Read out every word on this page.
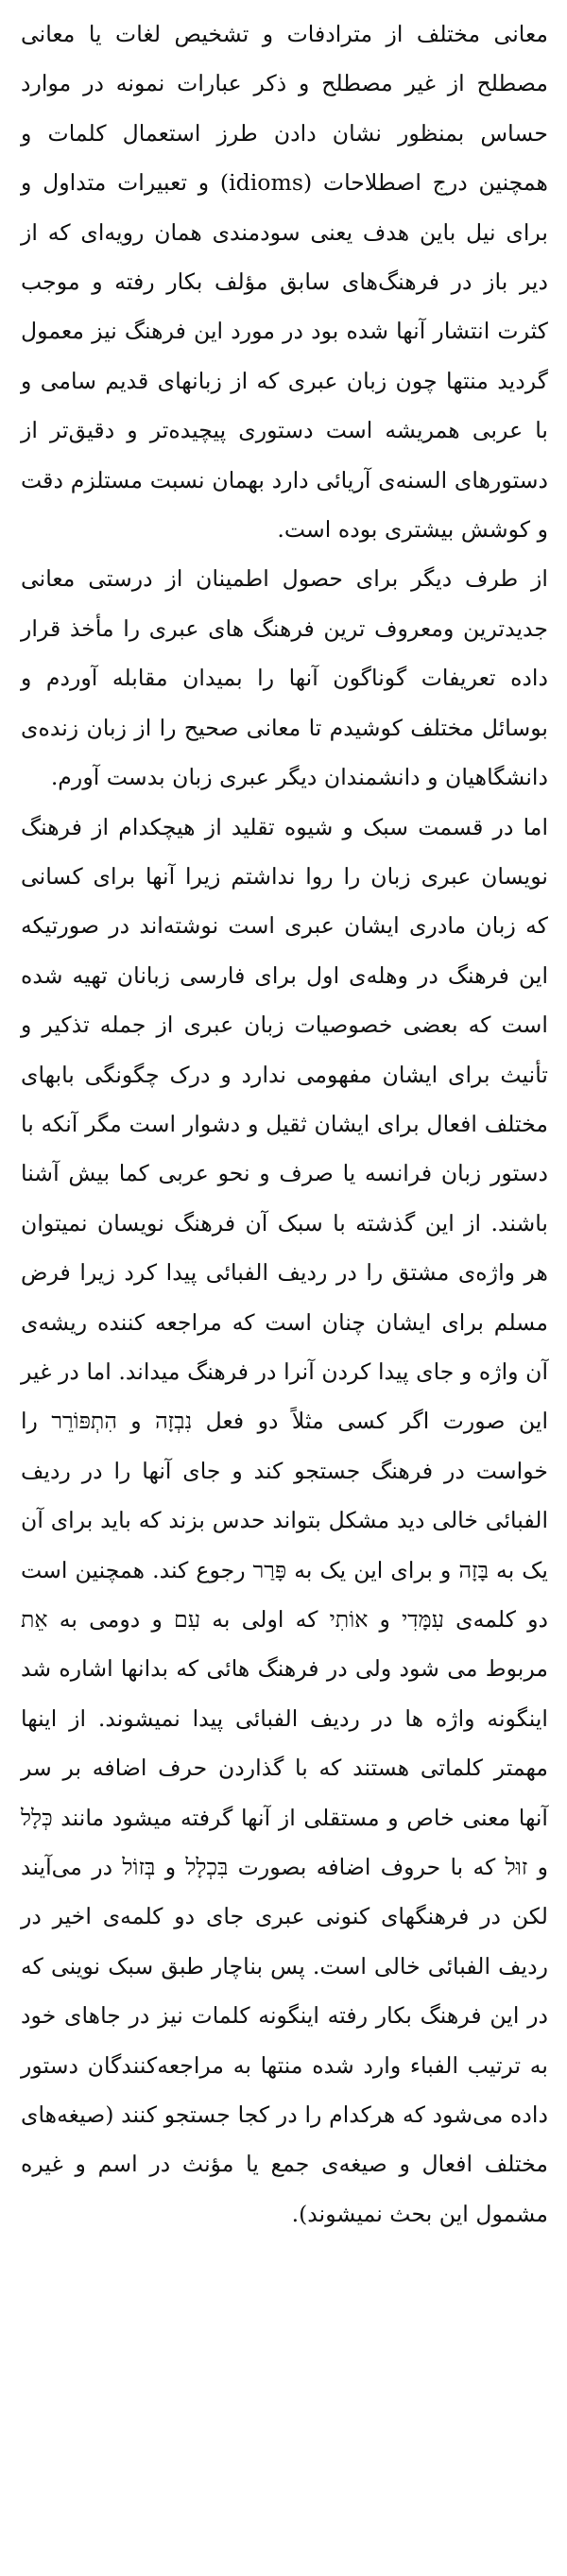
معانی مختلف از مترادفات و تشخیص لغات یا معانی مصطلح از غیر مصطلح و ذکر عبارات نمونه در موارد حساس بمنظور نشان دادن طرز استعمال کلمات و همچنین درج اصطلاحات (idioms) و تعبیرات متداول و برای نیل باین هدف یعنی سودمندی همان رویه‌ای که از دیر باز در فرهنگ‌های سابق مؤلف بکار رفته و موجب کثرت انتشار آنها شده بود در مورد این فرهنگ نیز معمول گردید منتها چون زبان عبری که از زبانهای قدیم سامی و با عربی همریشه است دستوری پیچیده‌تر و دقیق‌تر از دستورهای السنه‌ی آریائی دارد بهمان نسبت مستلزم دقت و کوشش بیشتری بوده است.

از طرف دیگر برای حصول اطمینان از درستی معانی جدیدترین ومعروف ترین فرهنگ های عبری را مأخذ قرار داده تعریفات گوناگون آنها را بمیدان مقابله آوردم و بوسائل مختلف کوشیدم تا معانی صحیح را از زبان زنده‌ی دانشگاهیان و دانشمندان دیگر عبری زبان بدست آورم.

اما در قسمت سبک و شیوه تقلید از هیچکدام از فرهنگ نویسان عبری زبان را روا نداشتم زیرا آنها برای کسانی که زبان مادری ایشان عبری است نوشته‌اند در صورتیکه این فرهنگ در وهله‌ی اول برای فارسی زبانان تهیه شده است که بعضی خصوصیات زبان عبری از جمله تذکیر و تأنیث برای ایشان مفهومی ندارد و درک چگونگی بابهای مختلف افعال برای ایشان ثقیل و دشوار است مگر آنکه با دستور زبان فرانسه یا صرف و نحو عربی کما بیش آشنا باشند. از این گذشته با سبک آن فرهنگ نویسان نمیتوان هر واژه‌ی مشتق را در ردیف الفبائی پیدا کرد زیرا فرض مسلم برای ایشان چنان است که مراجعه کننده ریشه‌ی آن واژه و جای پیدا کردن آنرا در فرهنگ میداند. اما در غیر این صورت اگر کسی مثلاً دو فعل נִבְזָה و הִתְפּוֹרֵר را خواست در فرهنگ جستجو کند و جای آنها را در ردیف الفبائی خالی دید مشکل بتواند حدس بزند که باید برای آن یک به בָּזָה و برای این یک به פָּרַר رجوع کند. همچنین است دو کلمه‌ی עִמָּדִי و אוֹתִי که اولی به עִם و دومی به אֵת مربوط می شود ولی در فرهنگ هائی که بدانها اشاره شد اینگونه واژه ها در ردیف الفبائی پیدا نمیشوند. از اینها مهمتر کلماتی هستند که با گذاردن حرف اضافه بر سر آنها معنی خاص و مستقلی از آنها گرفته میشود مانند כְּלָל و זוּל که با حروف اضافه بصورت בִּכְלָל و בְּזוֹל در می‌آیند لکن در فرهنگهای کنونی عبری جای دو کلمه‌ی اخیر در ردیف الفبائی خالی است. پس بناچار طبق سبک نوینی که در این فرهنگ بکار رفته اینگونه کلمات نیز در جاهای خود به ترتیب الفباء وارد شده منتها به مراجعه‌کنندگان دستور داده می‌شود که هرکدام را در کجا جستجو کنند (صیغه‌های مختلف افعال و صیغه‌ی جمع یا مؤنث در اسم و غیره مشمول این بحث نمیشوند).
